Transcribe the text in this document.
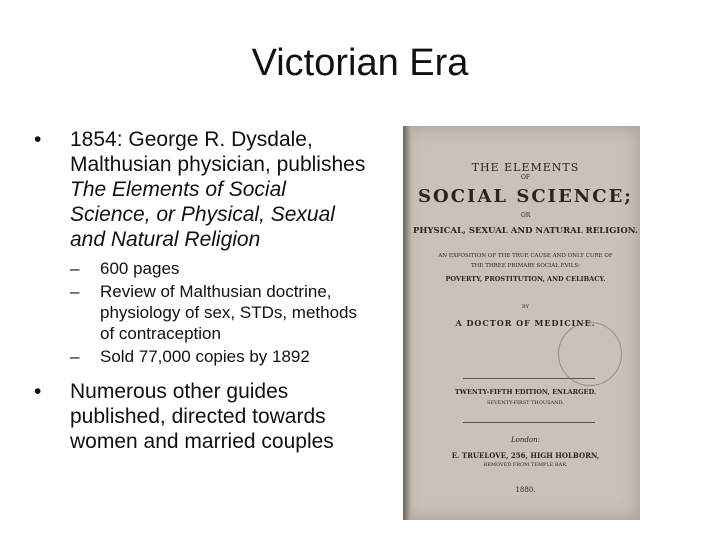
Victorian Era
• 1854: George R. Dysdale, Malthusian physician, publishes The Elements of Social Science, or Physical, Sexual and Natural Religion
– 600 pages
– Review of Malthusian doctrine, physiology of sex, STDs, methods of contraception
– Sold 77,000 copies by 1892
• Numerous other guides published, directed towards women and married couples
THE ELEMENTS
OF
SOCIAL SCIENCE;
OR
PHYSICAL, SEXUAL AND NATURAL RELIGION.
AN EXPOSITION OF THE TRUE CAUSE AND ONLY CURE OF
THE THREE PRIMARY SOCIAL EVILS:
POVERTY, PROSTITUTION, AND CELIBACY.
BY
A DOCTOR OF MEDICINE.
TWENTY-FIFTH EDITION, ENLARGED.
SEVENTY-FIRST THOUSAND.
London:
E. TRUELOVE, 256, HIGH HOLBORN,
REMOVED FROM TEMPLE BAR.
1880.
